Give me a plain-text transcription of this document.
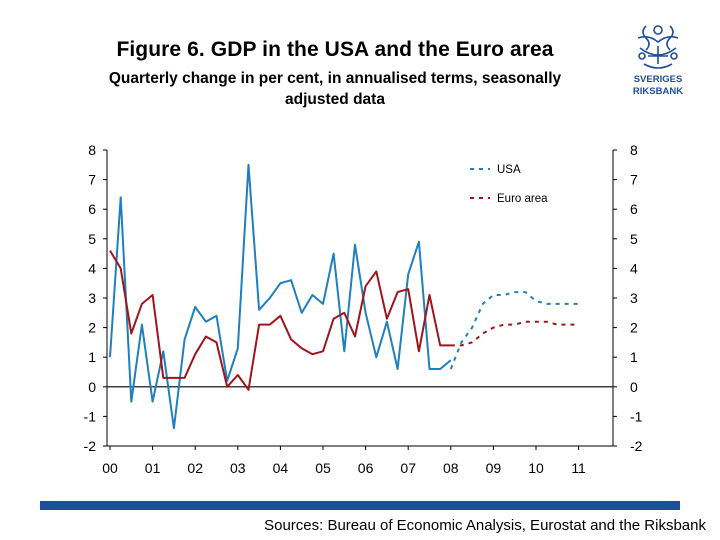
Figure 6. GDP in the USA and the Euro area
Quarterly change in per cent, in annualised terms, seasonally
adjusted data
SVERIGES
RIKSBANK
8	8
7	7
6	6
5	5
4	4
3	3
2	2
1	1
0	0
-1	-1
-2	-2
00 01 02 03 04 05 06 07 08 09 10 11
USA
Euro area
Sources: Bureau of Economic Analysis, Eurostat and the Riksbank
